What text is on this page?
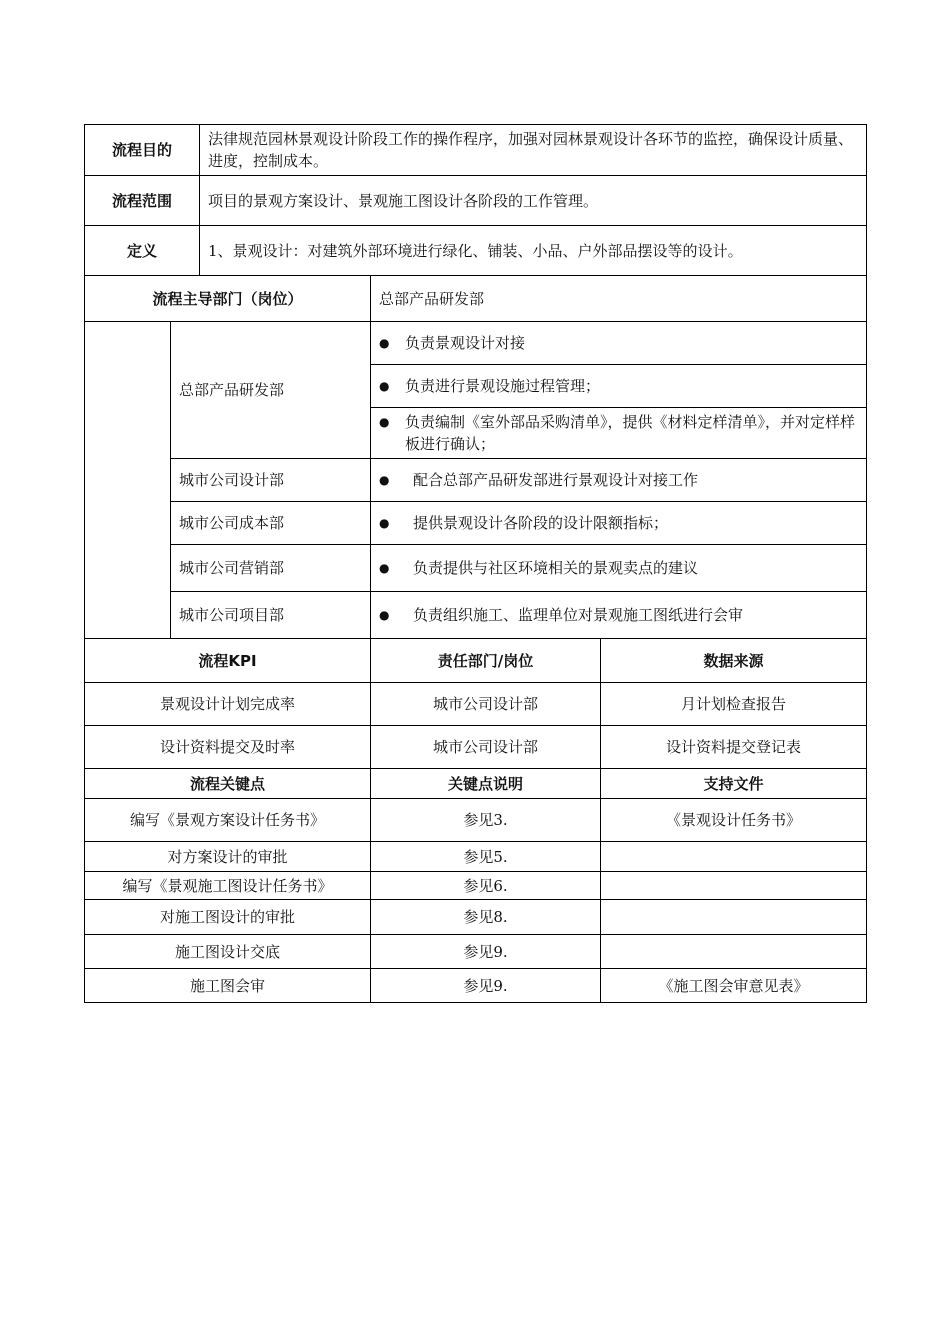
流程目的		法律规范园林景观设计阶段工作的操作程序，加强对园林景观设计各环节的监控，确保设计质量、进度，控制成本。		
流程范围		项目的景观方案设计、景观施工图设计各阶段的工作管理。		
定义		1、景观设计：对建筑外部环境进行绿化、铺装、小品、户外部品摆设等的设计。		
流程主导部门（岗位）			总部产品研发部	
	总部产品研发部		● 负责景观设计对接	
			● 负责进行景观设施过程管理；	

			● 负责编制《室外部品采购清单》，提供《材料定样清单》，并对定样样板进行确认；	

	城市公司设计部		● 配合总部产品研发部进行景观设计对接工作	
	城市公司成本部		● 提供景观设计各阶段的设计限额指标；	
	城市公司营销部		● 负责提供与社区环境相关的景观卖点的建议	
	城市公司项目部		● 负责组织施工、监理单位对景观施工图纸进行会审	
流程KPI			责任部门/岗位	数据来源
景观设计计划完成率			城市公司设计部	月计划检查报告
设计资料提交及时率			城市公司设计部	设计资料提交登记表
流程关键点			关键点说明	支持文件
编写《景观方案设计任务书》			参见3.	《景观设计任务书》
对方案设计的审批			参见5.	
编写《景观施工图设计任务书》			参见6.	
对施工图设计的审批			参见8.	
施工图设计交底			参见9.	
施工图会审			参见9.	《施工图会审意见表》
